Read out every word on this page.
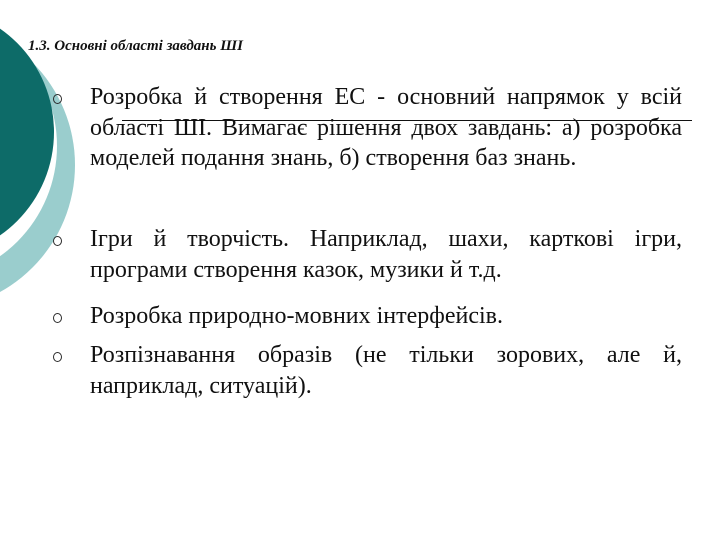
1.3. Основні області завдань ШІ
Розробка й створення ЕС - основний напрямок у всій області ШІ. Вимагає рішення двох завдань: а) розробка моделей подання знань, б) створення баз знань.
Ігри й творчість. Наприклад, шахи, карткові ігри, програми створення казок, музики й т.д.
Розробка природно-мовних інтерфейсів.
Розпізнавання образів (не тільки зорових, але й, наприклад, ситуацій).
